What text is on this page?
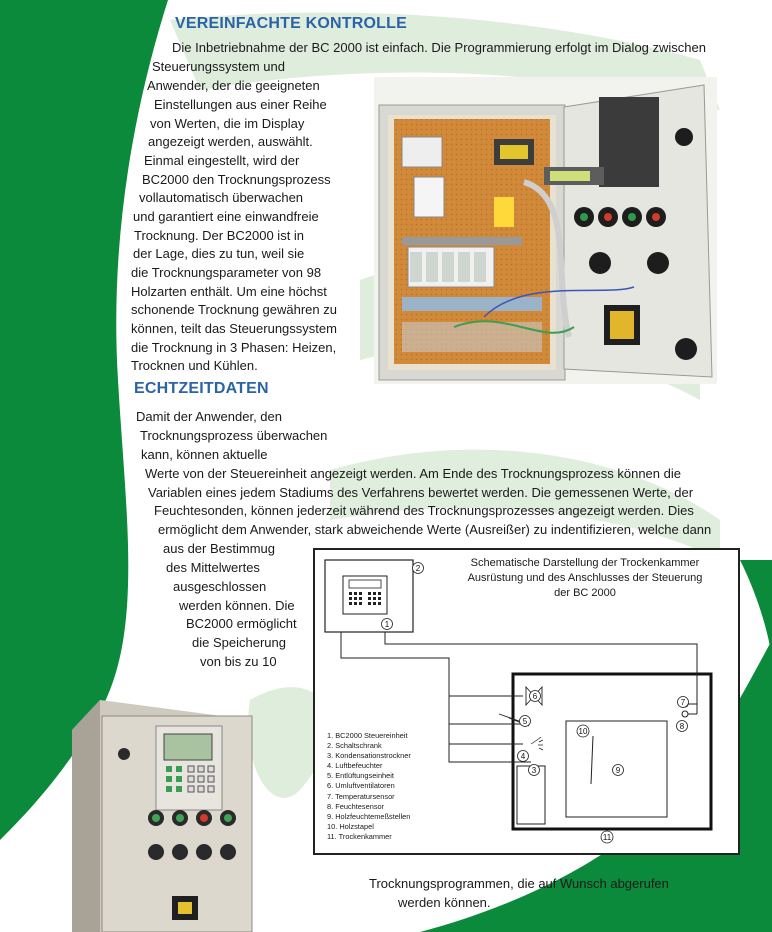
VEREINFACHTE KONTROLLE
Die Inbetriebnahme der BC 2000 ist einfach. Die Programmierung erfolgt im Dialog zwischen
Steuerungssystem und
Anwender, der die geeigneten
Einstellungen aus einer Reihe
von Werten, die im Display
angezeigt werden, auswählt.
Einmal eingestellt, wird der
BC2000 den Trocknungsprozess
vollautomatisch überwachen
und garantiert eine einwandfreie
Trocknung. Der BC2000 ist in
der Lage, dies zu tun, weil sie
die Trocknungsparameter von 98
Holzarten enthält. Um eine höchst
schonende Trocknung gewähren zu
können, teilt das Steuerungssystem
die Trocknung in 3 Phasen: Heizen,
Trocknen und Kühlen.
ECHTZEITDATEN
Damit der Anwender, den
Trocknungsprozess überwachen
kann, können aktuelle
Werte von der Steuereinheit angezeigt werden. Am Ende des Trocknungsprozess können die
Variablen eines jedem Stadiums des Verfahrens bewertet werden. Die gemessenen Werte, der
Feuchtesonden, können jederzeit während des Trocknungsprozesses angezeigt werden. Dies
ermöglicht dem Anwender, stark abweichende Werte (Ausreißer) zu indentifizieren, welche dann
aus der Bestimmug
des Mittelwertes
ausgeschlossen
werden können. Die
BC2000 ermöglicht
die Speicherung
von bis zu 10
Schematische Darstellung der Trockenkammer
Ausrüstung und des Anschlusses der Steuerung
der BC 2000
2
1
3
4
5
6
7
8
9
10
11
1. BC2000 Steuereinheit
2. Schaltschrank
3. Kondensationstrockner
4. Luftbefeuchter
5. Entlüftungseinheit
6. Umluftventilatoren
7. Temperatursensor
8. Feuchtesensor
9. Holzfeuchtemeßstellen
10. Holzstapel
11. Trockenkammer
Trocknungsprogrammen, die auf Wunsch abgerufen
werden können.
